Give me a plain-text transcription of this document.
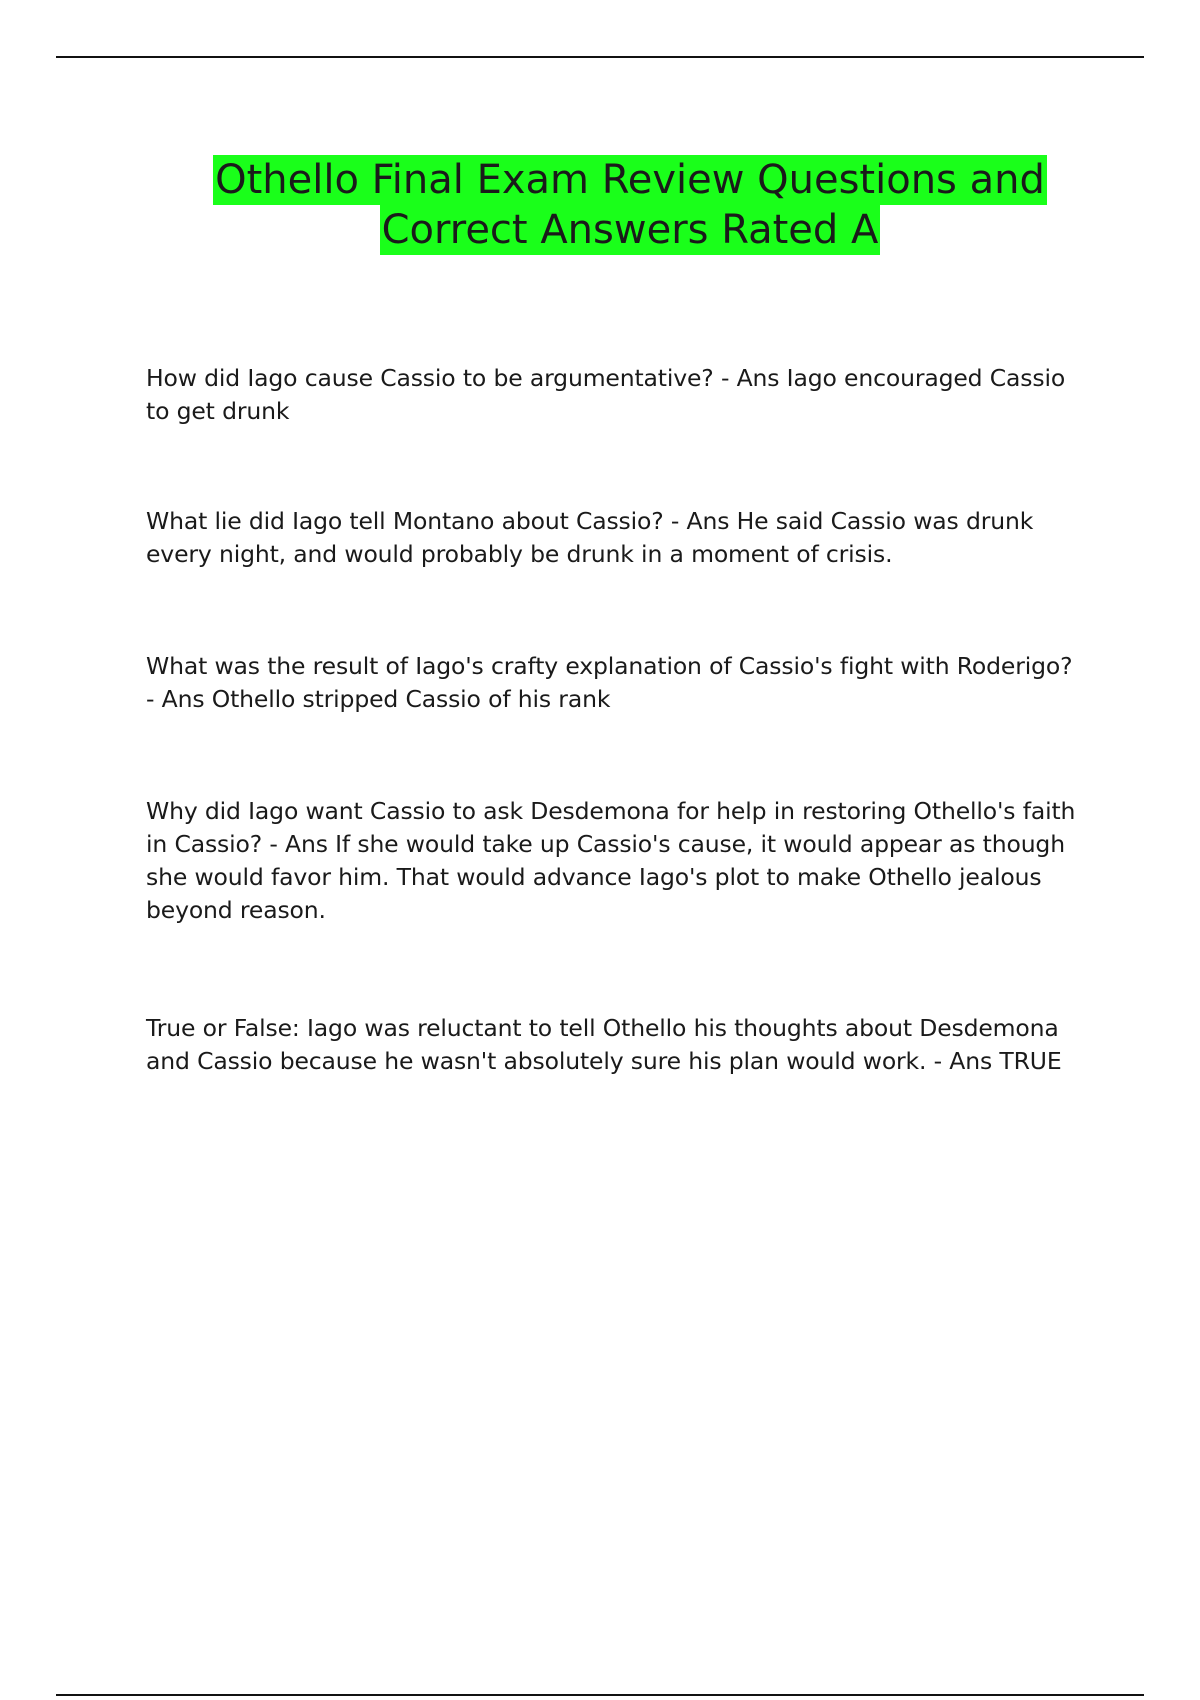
Othello Final Exam Review Questions and
Correct Answers Rated A
How did Iago cause Cassio to be argumentative? - Ans Iago encouraged Cassio to get drunk
What lie did Iago tell Montano about Cassio? - Ans He said Cassio was drunk every night, and would probably be drunk in a moment of crisis.
What was the result of Iago's crafty explanation of Cassio's fight with Roderigo? - Ans Othello stripped Cassio of his rank
Why did Iago want Cassio to ask Desdemona for help in restoring Othello's faith in Cassio? - Ans If she would take up Cassio's cause, it would appear as though she would favor him. That would advance Iago's plot to make Othello jealous beyond reason.
True or False: Iago was reluctant to tell Othello his thoughts about Desdemona and Cassio because he wasn't absolutely sure his plan would work. - Ans TRUE
